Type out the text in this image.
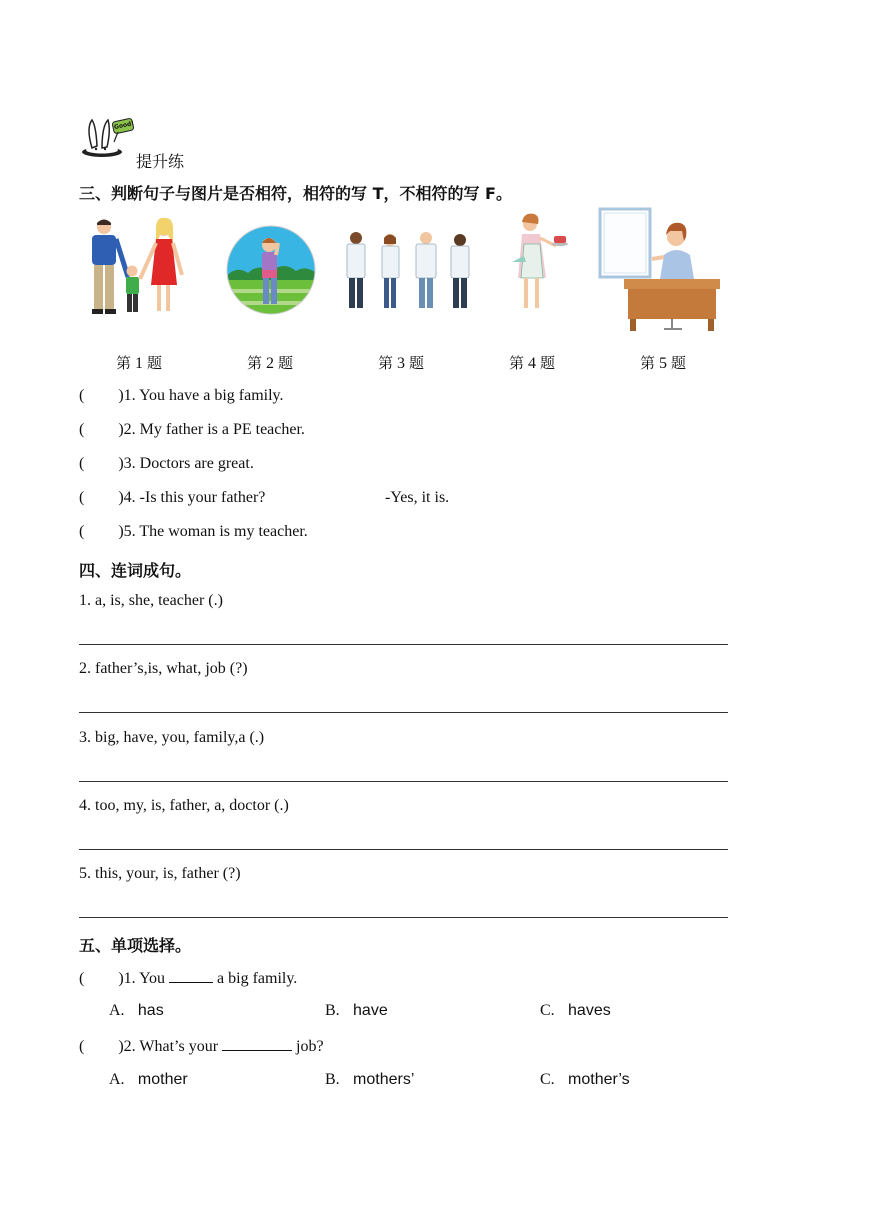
Good!
提升练
三、判断句子与图片是否相符，相符的写 T，不相符的写 F。
第 1 题	第 2 题	第 3 题	第 4 题	第 5 题
( )1. You have a big family.
( )2. My father is a PE teacher.
( )3. Doctors are great.
( )4. -Is this your father?	-Yes, it is.
( )5. The woman is my teacher.
四、连词成句。
1. a, is, she, teacher (.)
2. father’s,is, what, job (?)
3. big, have, you, family,a (.)
4. too, my, is, father, a, doctor (.)
5. this, your, is, father (?)
五、单项选择。
( )1. You	a big family.
A. has	B. have	C. haves
( )2. What’s your	job?
A. mother	B. mothers’	C. mother’s
